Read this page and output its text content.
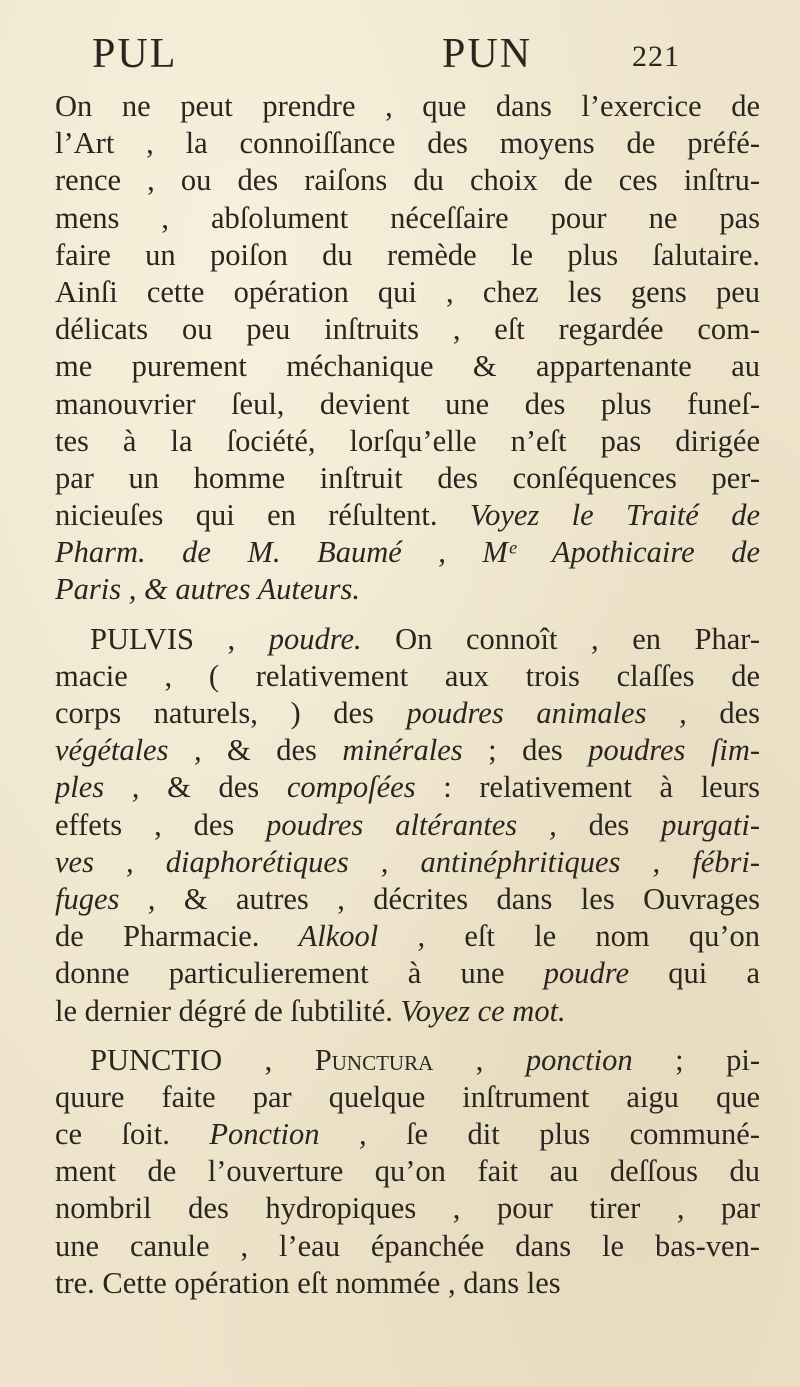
PUL	PUN	221
On ne peut prendre , que dans l’exercice de
l’Art , la connoiſſance des moyens de préfé-
rence , ou des raiſons du choix de ces inſtru-
mens , abſolument néceſſaire pour ne pas
faire un poiſon du remède le plus ſalutaire.
Ainſi cette opération qui , chez les gens peu
délicats ou peu inſtruits , eſt regardée com-
me purement méchanique & appartenante au
manouvrier ſeul, devient une des plus funeſ-
tes à la ſociété, lorſqu’elle n’eſt pas dirigée
par un homme inſtruit des conſéquences per-
nicieuſes qui en réſultent. Voyez le Traité de
Pharm. de M. Baumé , Mᵉ Apothicaire de
Paris , & autres Auteurs.
PULVIS , poudre. On connoît , en Phar-
macie , ( relativement aux trois claſſes de
corps naturels, ) des poudres animales , des
végétales , & des minérales ; des poudres ſim-
ples , & des compoſées : relativement à leurs
effets , des poudres altérantes , des purgati-
ves , diaphorétiques , antinéphritiques , fébri-
fuges , & autres , décrites dans les Ouvrages
de Pharmacie. Alkool , eſt le nom qu’on
donne particulierement à une poudre qui a
le dernier dégré de ſubtilité. Voyez ce mot.
PUNCTIO , Punctura , ponction ; pi-
quure faite par quelque inſtrument aigu que
ce ſoit. Ponction , ſe dit plus communé-
ment de l’ouverture qu’on fait au deſſous du
nombril des hydropiques , pour tirer , par
une canule , l’eau épanchée dans le bas-ven-
tre. Cette opération eſt nommée , dans les
